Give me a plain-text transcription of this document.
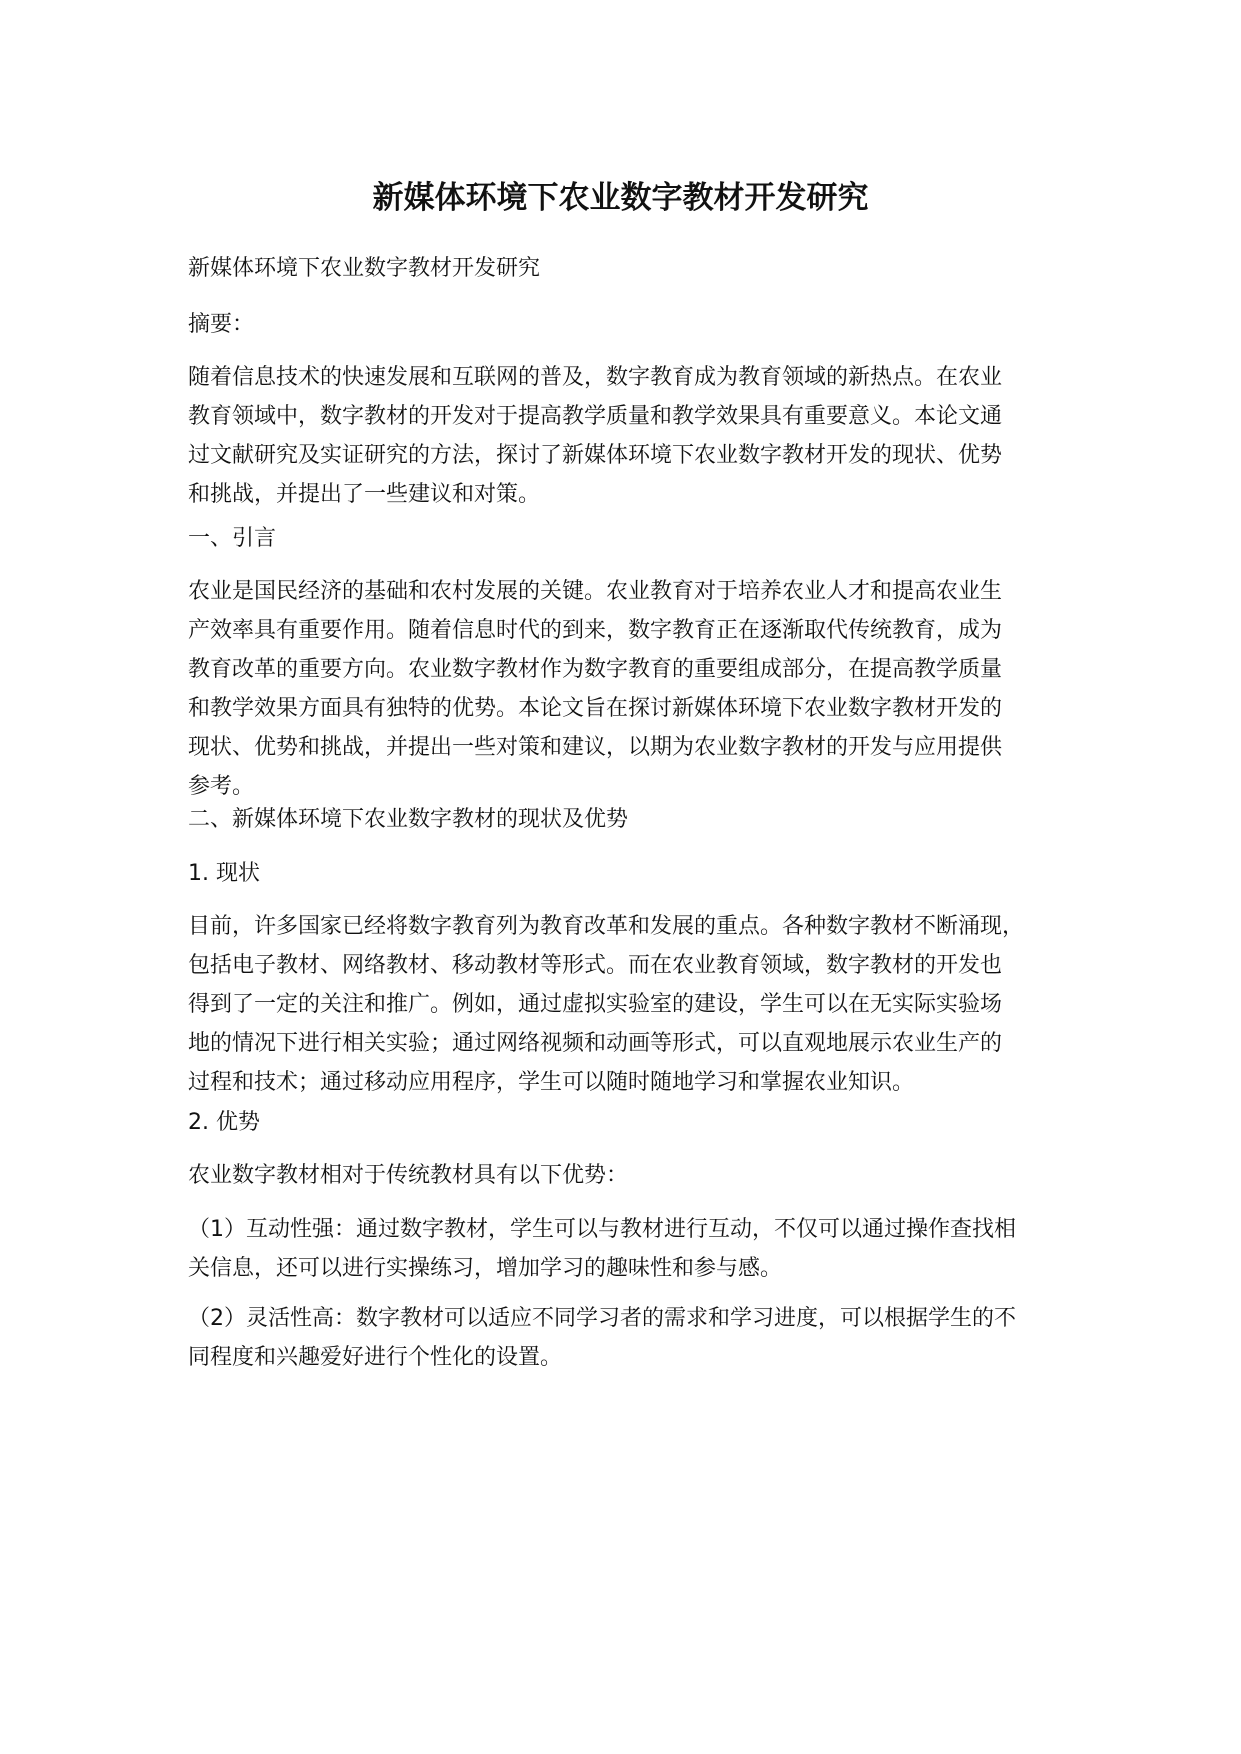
新媒体环境下农业数字教材开发研究

新媒体环境下农业数字教材开发研究

摘要：

随着信息技术的快速发展和互联网的普及，数字教育成为教育领域的新热点。在农业
教育领域中，数字教材的开发对于提高教学质量和教学效果具有重要意义。本论文通
过文献研究及实证研究的方法，探讨了新媒体环境下农业数字教材开发的现状、优势
和挑战，并提出了一些建议和对策。

一、引言

农业是国民经济的基础和农村发展的关键。农业教育对于培养农业人才和提高农业生
产效率具有重要作用。随着信息时代的到来，数字教育正在逐渐取代传统教育，成为
教育改革的重要方向。农业数字教材作为数字教育的重要组成部分，在提高教学质量
和教学效果方面具有独特的优势。本论文旨在探讨新媒体环境下农业数字教材开发的
现状、优势和挑战，并提出一些对策和建议，以期为农业数字教材的开发与应用提供
参考。

二、新媒体环境下农业数字教材的现状及优势

1. 现状

目前，许多国家已经将数字教育列为教育改革和发展的重点。各种数字教材不断涌现，
包括电子教材、网络教材、移动教材等形式。而在农业教育领域，数字教材的开发也
得到了一定的关注和推广。例如，通过虚拟实验室的建设，学生可以在无实际实验场
地的情况下进行相关实验；通过网络视频和动画等形式，可以直观地展示农业生产的
过程和技术；通过移动应用程序，学生可以随时随地学习和掌握农业知识。

2. 优势

农业数字教材相对于传统教材具有以下优势：

（1）互动性强：通过数字教材，学生可以与教材进行互动，不仅可以通过操作查找相
关信息，还可以进行实操练习，增加学习的趣味性和参与感。

（2）灵活性高：数字教材可以适应不同学习者的需求和学习进度，可以根据学生的不
同程度和兴趣爱好进行个性化的设置。
